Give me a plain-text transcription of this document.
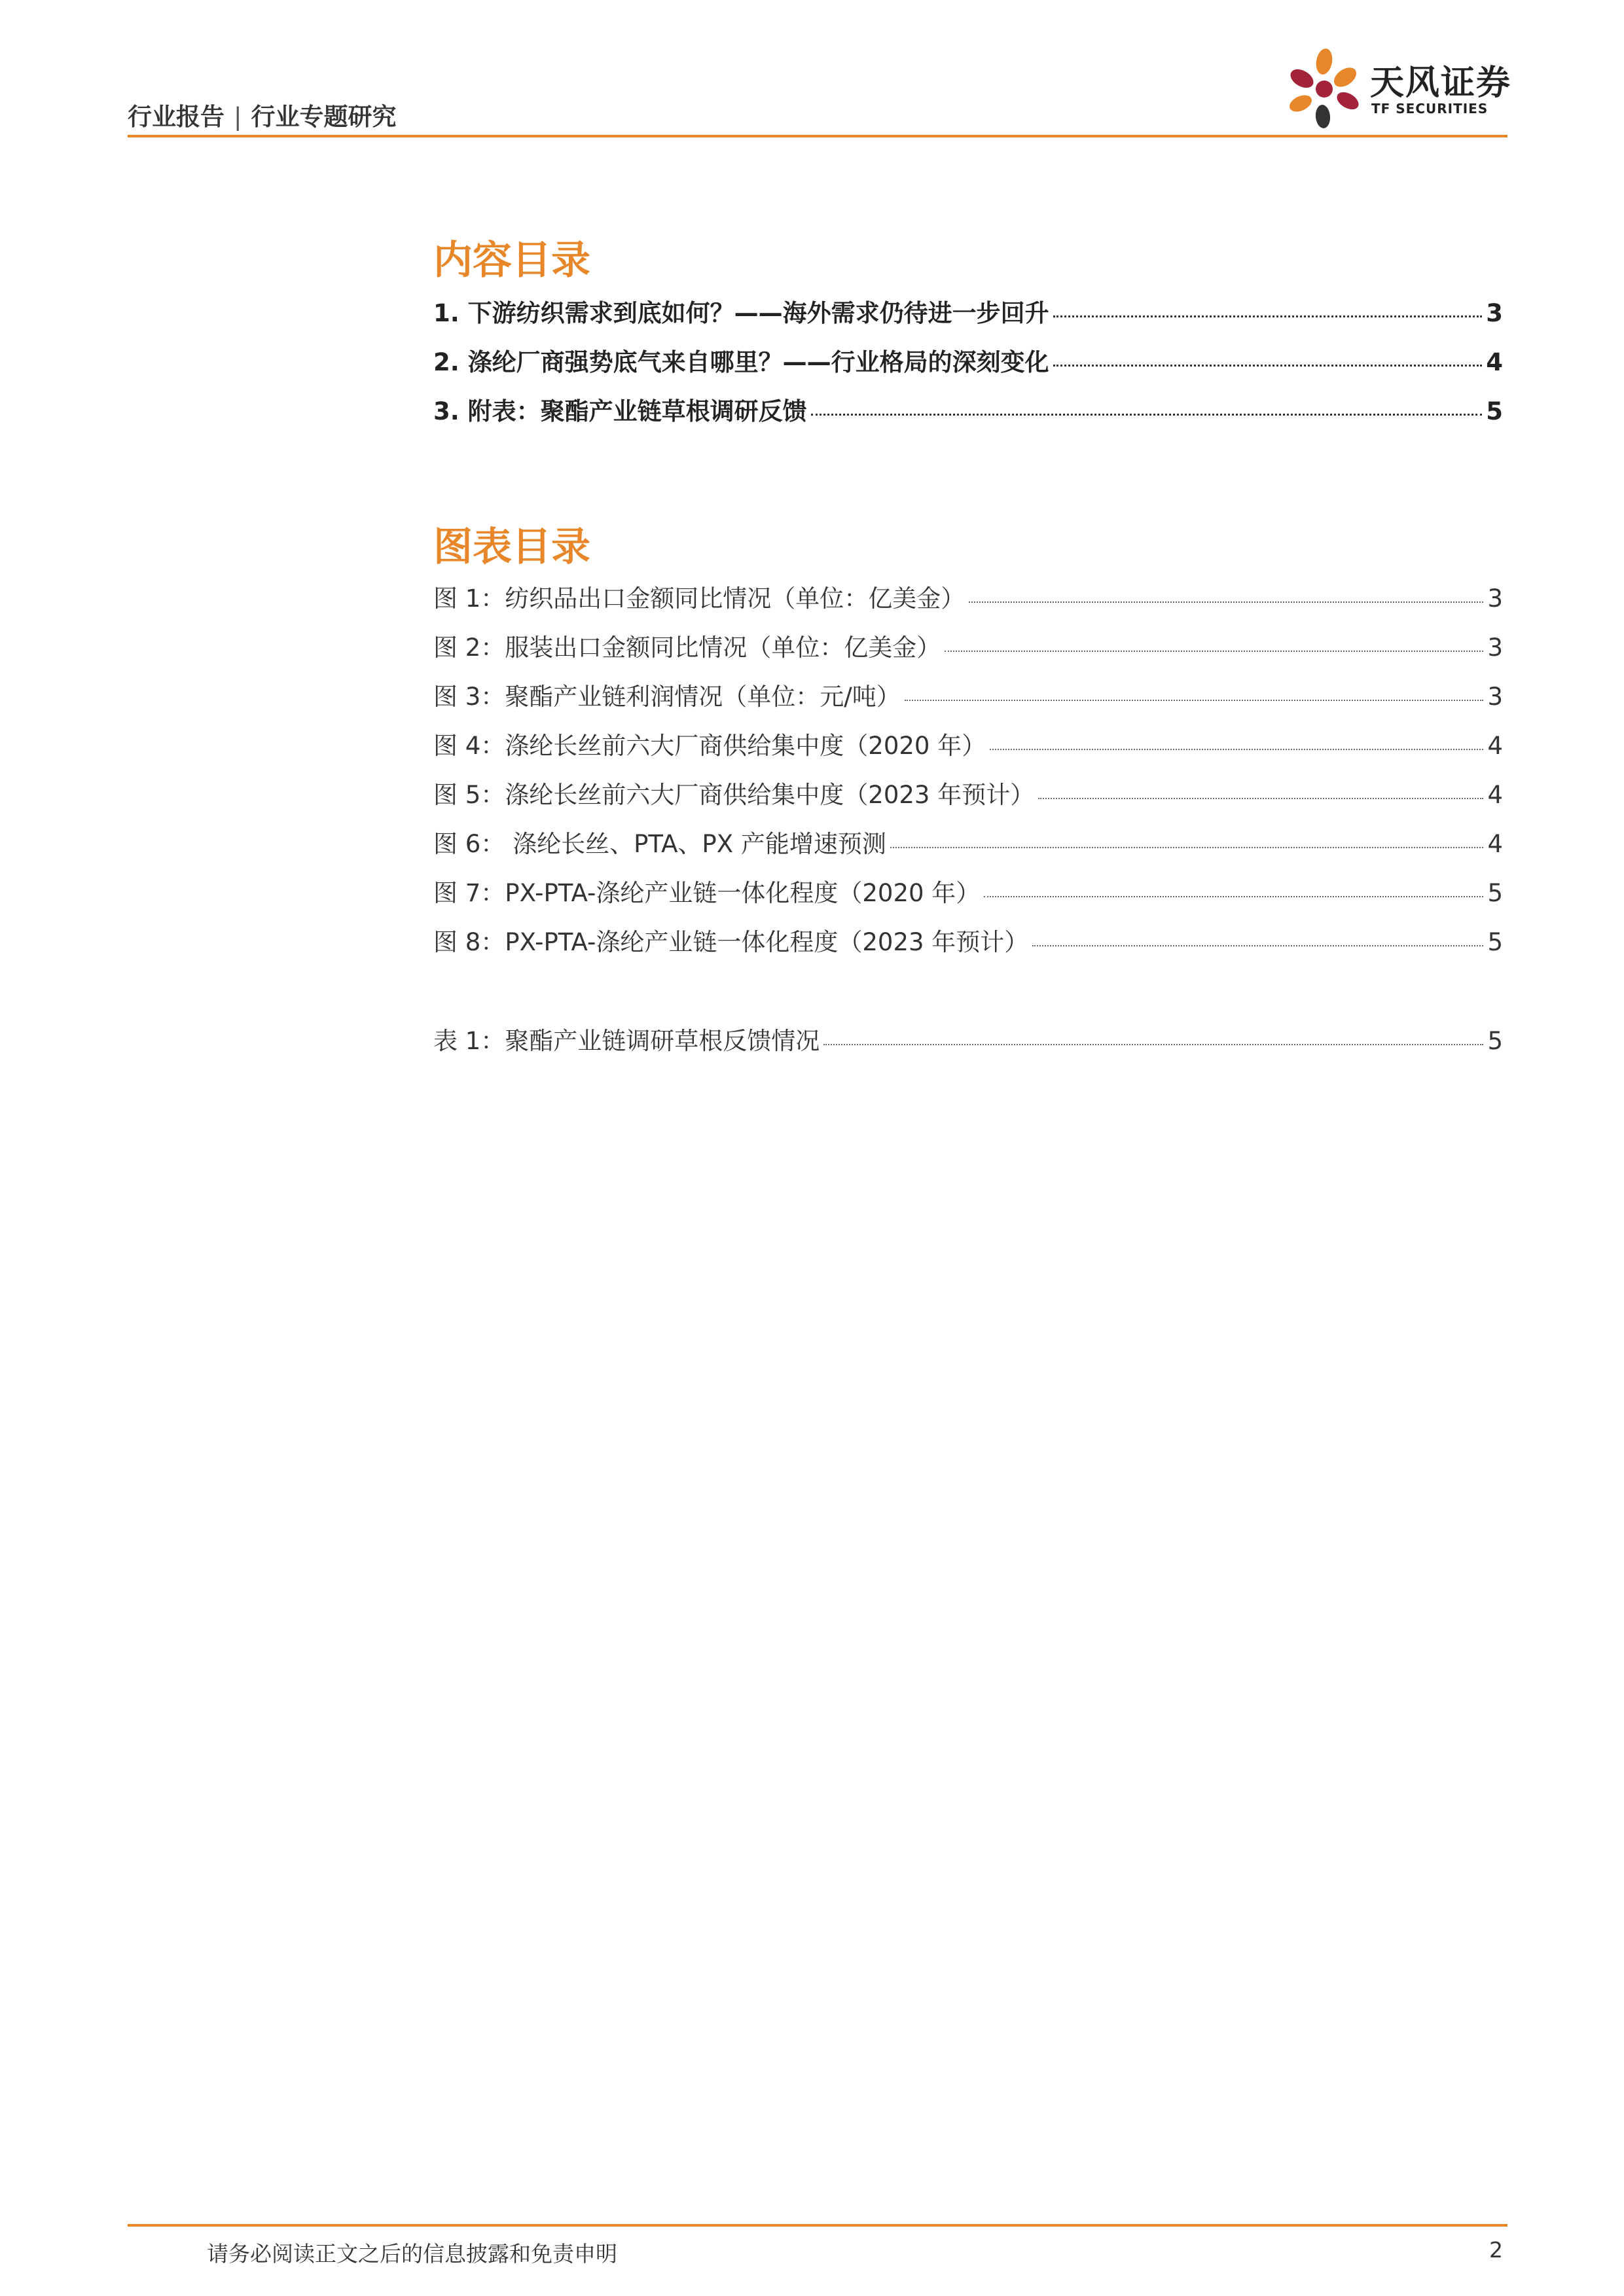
行业报告 | 行业专题研究
天风证券
TF SECURITIES
内容目录
1. 下游纺织需求到底如何？——海外需求仍待进一步回升	3
2. 涤纶厂商强势底气来自哪里？——行业格局的深刻变化	4
3. 附表：聚酯产业链草根调研反馈	5
图表目录
图 1：纺织品出口金额同比情况（单位：亿美金）	3
图 2：服装出口金额同比情况（单位：亿美金）	3
图 3：聚酯产业链利润情况（单位：元/吨）	3
图 4：涤纶长丝前六大厂商供给集中度（2020 年）	4
图 5：涤纶长丝前六大厂商供给集中度（2023 年预计）	4
图 6： 涤纶长丝、PTA、PX 产能增速预测	4
图 7：PX-PTA-涤纶产业链一体化程度（2020 年）	5
图 8：PX-PTA-涤纶产业链一体化程度（2023 年预计）	5
表 1：聚酯产业链调研草根反馈情况	5
请务必阅读正文之后的信息披露和免责申明	2
